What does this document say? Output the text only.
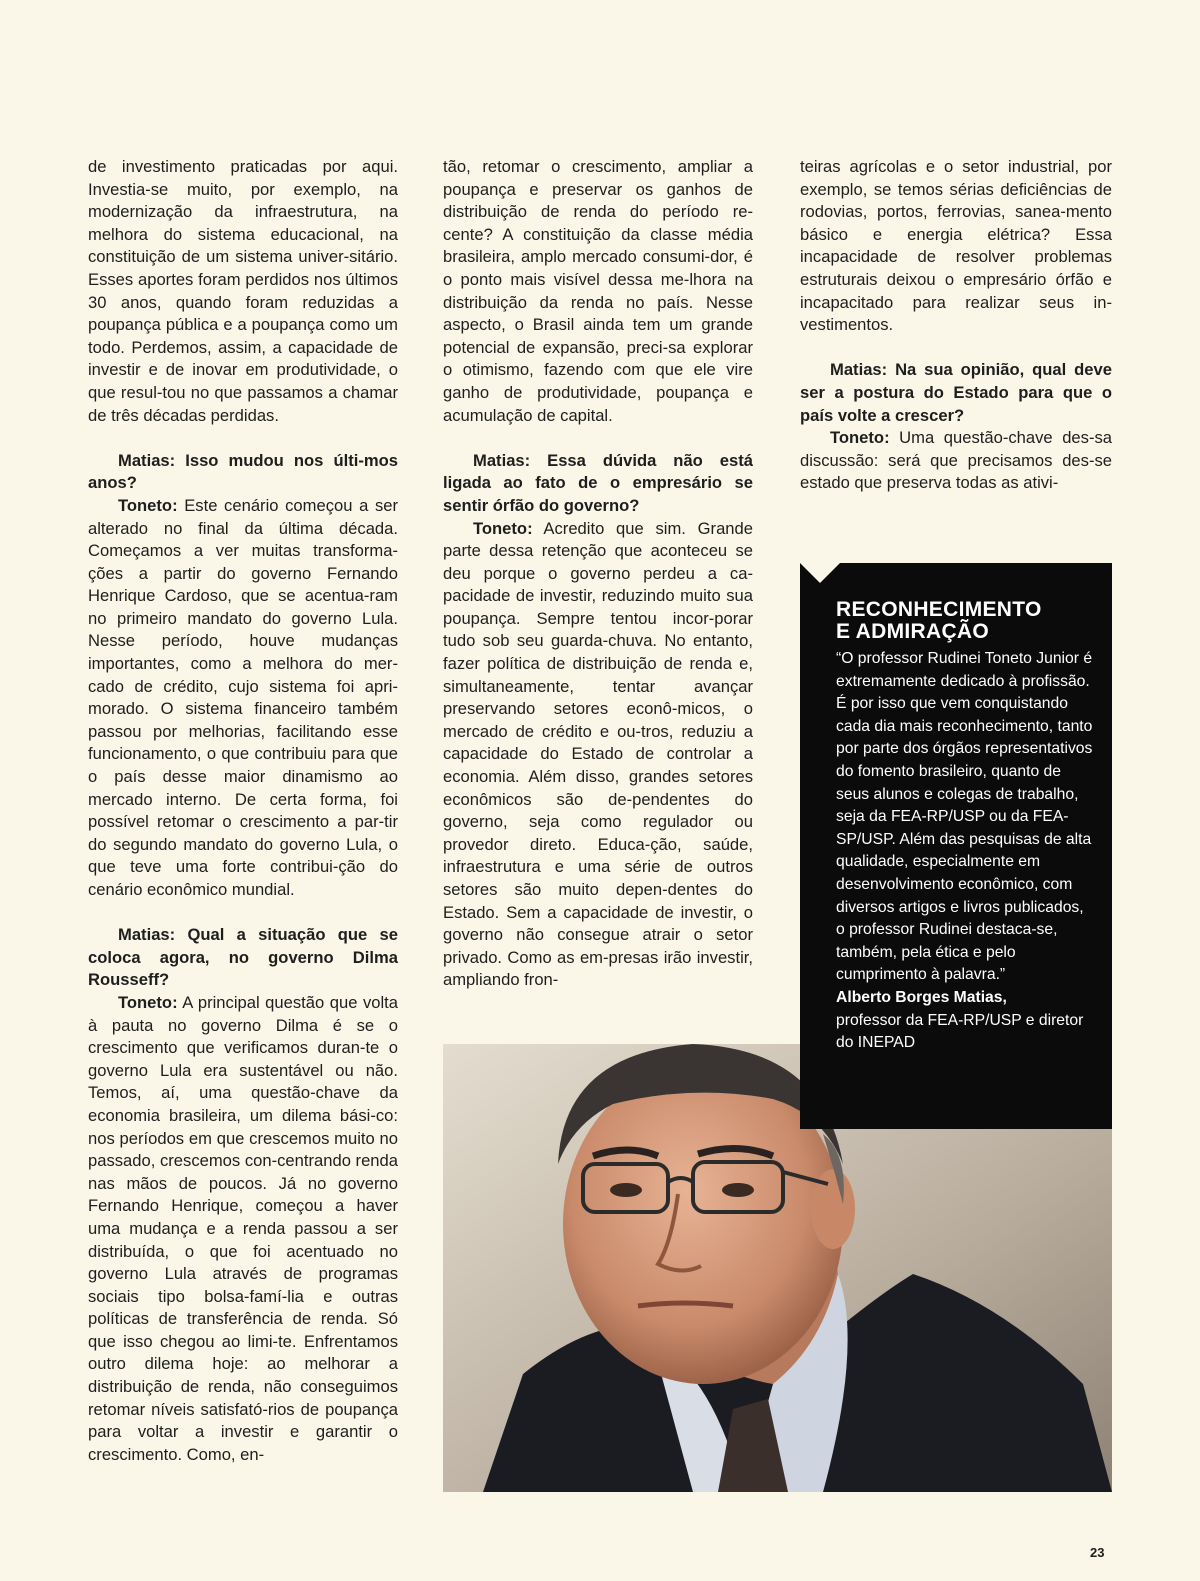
de investimento praticadas por aqui. Investia-se muito, por exemplo, na modernização da infraestrutura, na melhora do sistema educacional, na constituição de um sistema univer-sitário. Esses aportes foram perdidos nos últimos 30 anos, quando foram reduzidas a poupança pública e a poupança como um todo. Perdemos, assim, a capacidade de investir e de inovar em produtividade, o que resul-tou no que passamos a chamar de três décadas perdidas.

Matias: Isso mudou nos últi-mos anos?

Toneto: Este cenário começou a ser alterado no final da última década. Começamos a ver muitas transforma-ções a partir do governo Fernando Henrique Cardoso, que se acentua-ram no primeiro mandato do governo Lula. Nesse período, houve mudanças importantes, como a melhora do mer-cado de crédito, cujo sistema foi apri-morado. O sistema financeiro também passou por melhorias, facilitando esse funcionamento, o que contribuiu para que o país desse maior dinamismo ao mercado interno. De certa forma, foi possível retomar o crescimento a par-tir do segundo mandato do governo Lula, o que teve uma forte contribui-ção do cenário econômico mundial.

Matias: Qual a situação que se coloca agora, no governo Dilma Rousseff?

Toneto: A principal questão que volta à pauta no governo Dilma é se o crescimento que verificamos duran-te o governo Lula era sustentável ou não. Temos, aí, uma questão-chave da economia brasileira, um dilema bási-co: nos períodos em que crescemos muito no passado, crescemos con-centrando renda nas mãos de poucos. Já no governo Fernando Henrique, começou a haver uma mudança e a renda passou a ser distribuída, o que foi acentuado no governo Lula através de programas sociais tipo bolsa-famí-lia e outras políticas de transferência de renda. Só que isso chegou ao limi-te. Enfrentamos outro dilema hoje: ao melhorar a distribuição de renda, não conseguimos retomar níveis satisfató-rios de poupança para voltar a investir e garantir o crescimento. Como, en-

tão, retomar o crescimento, ampliar a poupança e preservar os ganhos de distribuição de renda do período re-cente? A constituição da classe média brasileira, amplo mercado consumi-dor, é o ponto mais visível dessa me-lhora na distribuição da renda no país. Nesse aspecto, o Brasil ainda tem um grande potencial de expansão, preci-sa explorar o otimismo, fazendo com que ele vire ganho de produtividade, poupança e acumulação de capital.

Matias: Essa dúvida não está ligada ao fato de o empresário se sentir órfão do governo?

Toneto: Acredito que sim. Grande parte dessa retenção que aconteceu se deu porque o governo perdeu a ca-pacidade de investir, reduzindo muito sua poupança. Sempre tentou incor-porar tudo sob seu guarda-chuva. No entanto, fazer política de distribuição de renda e, simultaneamente, tentar avançar preservando setores econô-micos, o mercado de crédito e ou-tros, reduziu a capacidade do Estado de controlar a economia. Além disso, grandes setores econômicos são de-pendentes do governo, seja como regulador ou provedor direto. Educa-ção, saúde, infraestrutura e uma série de outros setores são muito depen-dentes do Estado. Sem a capacidade de investir, o governo não consegue atrair o setor privado. Como as em-presas irão investir, ampliando fron-

teiras agrícolas e o setor industrial, por exemplo, se temos sérias deficiências de rodovias, portos, ferrovias, sanea-mento básico e energia elétrica? Essa incapacidade de resolver problemas estruturais deixou o empresário órfão e incapacitado para realizar seus in-vestimentos.

Matias: Na sua opinião, qual deve ser a postura do Estado para que o país volte a crescer?

Toneto: Uma questão-chave des-sa discussão: será que precisamos des-se estado que preserva todas as ativi-

RECONHECIMENTO
E ADMIRAÇÃO
“O professor Rudinei Toneto Junior é extremamente dedicado à profissão. É por isso que vem conquistando cada dia mais reconhecimento, tanto por parte dos órgãos representativos do fomento brasileiro, quanto de seus alunos e colegas de trabalho, seja da FEA-RP/USP ou da FEA-SP/USP. Além das pesquisas de alta qualidade, especialmente em desenvolvimento econômico, com diversos artigos e livros publicados, o professor Rudinei destaca-se, também, pela ética e pelo cumprimento à palavra.”
Alberto Borges Matias,
professor da FEA-RP/USP e diretor do INEPAD
23
